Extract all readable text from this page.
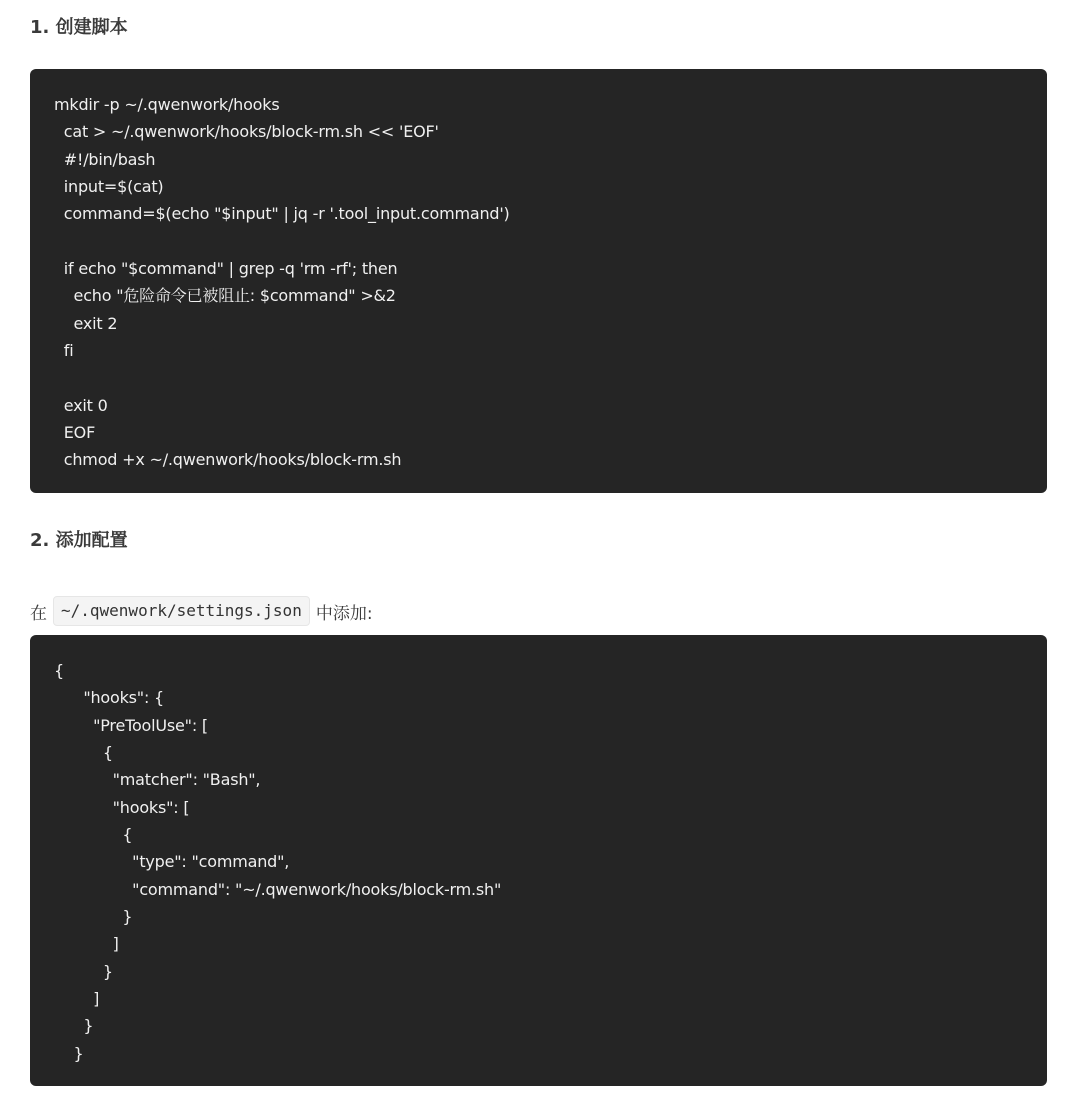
1. 创建脚本
mkdir -p ~/.qwenwork/hooks
cat > ~/.qwenwork/hooks/block-rm.sh << 'EOF'
#!/bin/bash
input=$(cat)
command=$(echo "$input" | jq -r '.tool_input.command')
if echo "$command" | grep -q 'rm -rf'; then
echo "危险命令已被阻止: $command" >&2
exit 2
fi
exit 0
EOF
chmod +x ~/.qwenwork/hooks/block-rm.sh
2. 添加配置

在 ~/.qwenwork/settings.json 中添加:

{
"hooks": {
"PreToolUse": [
{
"matcher": "Bash",
"hooks": [
{
"type": "command",
"command": "~/.qwenwork/hooks/block-rm.sh"
}
]
}
]
}
}
